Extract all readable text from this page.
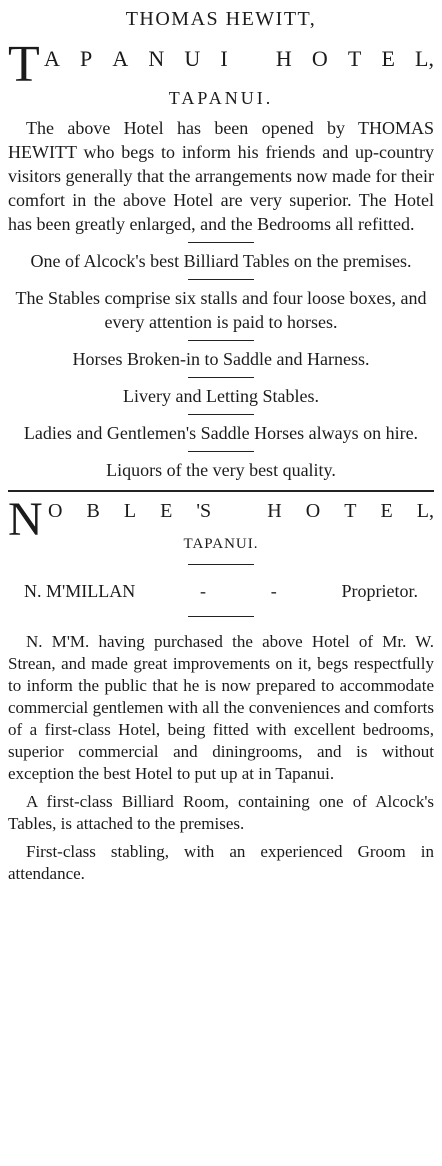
THOMAS HEWITT,
T A P A N U I H O T E L,
TAPANUI.

The above Hotel has been opened by THOMAS HEWITT who begs to inform his friends and up-country visitors generally that the arrangements now made for their comfort in the above Hotel are very superior. The Hotel has been greatly enlarged, and the Bedrooms all refitted.

One of Alcock's best Billiard Tables on the premises.

The Stables comprise six stalls and four loose boxes, and every attention is paid to horses.

Horses Broken-in to Saddle and Harness.

Livery and Letting Stables.

Ladies and Gentlemen's Saddle Horses always on hire.

Liquors of the very best quality.

N O B L E 'S	H O T E L,
TAPANUI.
N. M'MILLAN	-	-	Proprietor.

N. M'M. having purchased the above Hotel of Mr. W. Strean, and made great improvements on it, begs respectfully to inform the public that he is now prepared to accommodate commercial gentlemen with all the conveniences and comforts of a first-class Hotel, being fitted with excellent bedrooms, superior commercial and diningrooms, and is without exception the best Hotel to put up at in Tapanui.

A first-class Billiard Room, containing one of Alcock's Tables, is attached to the premises.

First-class stabling, with an experienced Groom in attendance.
